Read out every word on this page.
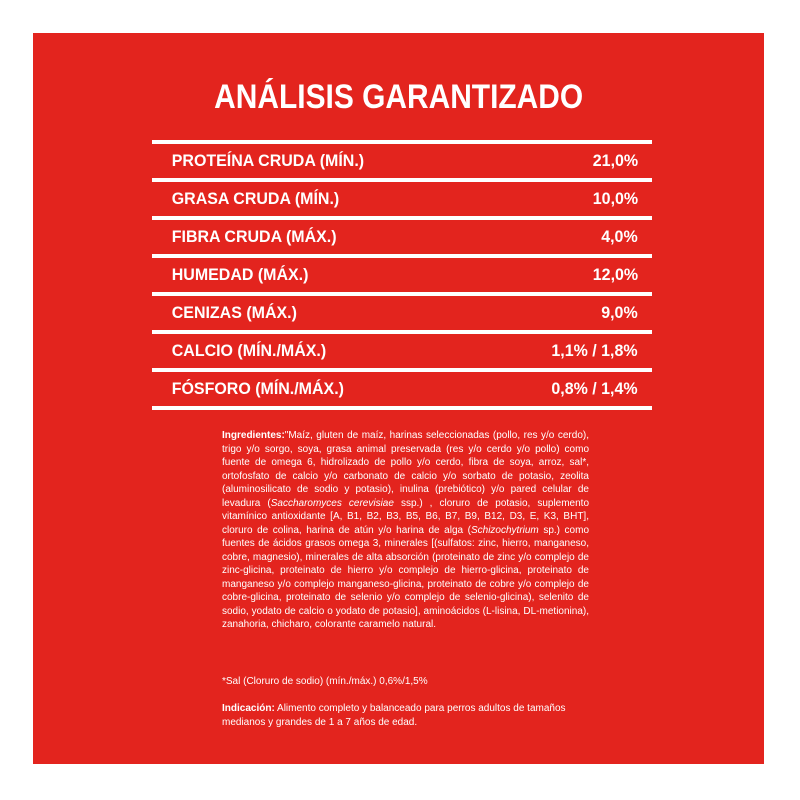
ANÁLISIS GARANTIZADO
PROTEÍNA CRUDA (MÍN.)	21,0%
GRASA CRUDA (MÍN.)	10,0%
FIBRA CRUDA (MÁX.)	4,0%
HUMEDAD (MÁX.)	12,0%
CENIZAS (MÁX.)	9,0%
CALCIO (MÍN./MÁX.)	1,1% / 1,8%
FÓSFORO (MÍN./MÁX.)	0,8% / 1,4%

Ingredientes:"Maíz, gluten de maíz, harinas seleccionadas (pollo, res y/o cerdo), trigo y/o sorgo, soya, grasa animal preservada (res y/o cerdo y/o pollo) como fuente de omega 6, hidrolizado de pollo y/o cerdo, fibra de soya, arroz, sal*, ortofosfato de calcio y/o carbonato de calcio y/o sorbato de potasio, zeolita (aluminosilicato de sodio y potasio), inulina (prebiótico) y/o pared celular de levadura (Saccharomyces cerevisiae ssp.) , cloruro de potasio, suplemento vitamínico antioxidante [A, B1, B2, B3, B5, B6, B7, B9, B12, D3, E, K3, BHT], cloruro de colina, harina de atún y/o harina de alga (Schizochytrium sp.) como fuentes de ácidos grasos omega 3, minerales [(sulfatos: zinc, hierro, manganeso, cobre, magnesio), minerales de alta absorción (proteinato de zinc y/o complejo de zinc-glicina, proteinato de hierro y/o complejo de hierro-glicina, proteinato de manganeso y/o complejo manganeso-glicina, proteinato de cobre y/o complejo de cobre-glicina, proteinato de selenio y/o complejo de selenio-glicina), selenito de sodio, yodato de calcio o yodato de potasio], aminoácidos (L-lisina, DL-metionina), zanahoria, chicharo, colorante caramelo natural.

*Sal (Cloruro de sodio) (mín./máx.) 0,6%/1,5%

Indicación: Alimento completo y balanceado para perros adultos de tamaños medianos y grandes de 1 a 7 años de edad.
